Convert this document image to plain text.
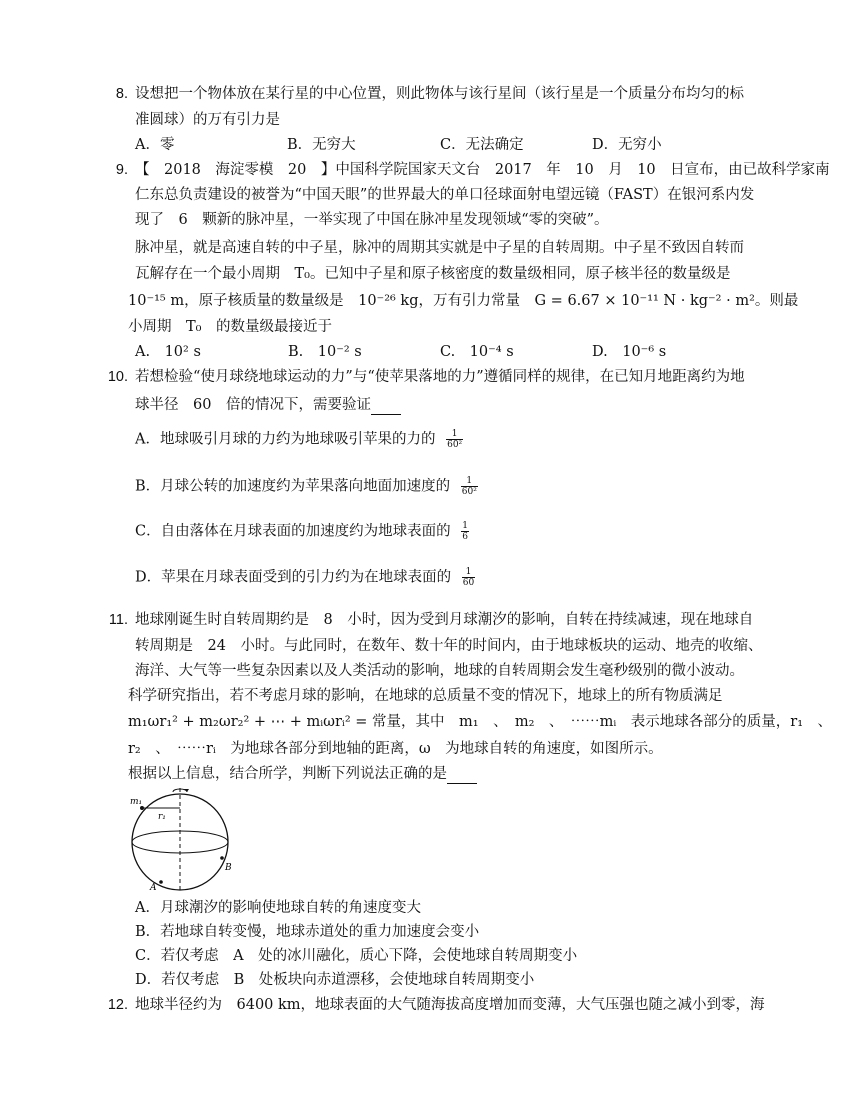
8. 设想把一个物体放在某行星的中心位置，则此物体与该行星间（该行星是一个质量分布均匀的标
准圆球）的万有引力是
A．零	B．无穷大	C．无法确定	D．无穷小
9. 【　2018　海淀零模　20　】中国科学院国家天文台　2017　年　10　月　10　日宣布，由已故科学家南
仁东总负责建设的被誉为“中国天眼”的世界最大的单口径球面射电望远镜（FAST）在银河系内发
现了　6　颗新的脉冲星，一举实现了中国在脉冲星发现领域“零的突破”。
脉冲星，就是高速自转的中子星，脉冲的周期其实就是中子星的自转周期。中子星不致因自转而
瓦解存在一个最小周期　T₀。已知中子星和原子核密度的数量级相同，原子核半径的数量级是
10⁻¹⁵ m，原子核质量的数量级是　10⁻²⁶ kg，万有引力常量　G = 6.67 × 10⁻¹¹ N · kg⁻² · m²。则最
小周期　T₀　的数量级最接近于
A.　10² s	B.　10⁻² s	C.　10⁻⁴ s	D.　10⁻⁶ s
10. 若想检验“使月球绕地球运动的力”与“使苹果落地的力”遵循同样的规律，在已知月地距离约为地
球半径　60　倍的情况下，需要验证
A．地球吸引月球的力约为地球吸引苹果的力的 $\frac{1}{\text{60²}}$
B．月球公转的加速度约为苹果落向地面加速度的 $\frac{1}{\text{60²}}$
C．自由落体在月球表面的加速度约为地球表面的 $\frac{1}{6}$
D．苹果在月球表面受到的引力约为在地球表面的 $\frac{1}{60}$
11. 地球刚诞生时自转周期约是　8　小时，因为受到月球潮汐的影响，自转在持续减速，现在地球自
转周期是　24　小时。与此同时，在数年、数十年的时间内，由于地球板块的运动、地壳的收缩、
海洋、大气等一些复杂因素以及人类活动的影响，地球的自转周期会发生毫秒级别的微小波动。
科学研究指出，若不考虑月球的影响，在地球的总质量不变的情况下，地球上的所有物质满足
m₁ωr₁² + m₂ωr₂² + ⋯ + mᵢωrᵢ² = 常量，其中　m₁　、　m₂　、　⋯⋯mᵢ　表示地球各部分的质量，r₁　、
r₂　、　⋯⋯rᵢ　为地球各部分到地轴的距离，ω　为地球自转的角速度，如图所示。
根据以上信息，结合所学，判断下列说法正确的是
m₁
r₁
A
B
A．月球潮汐的影响使地球自转的角速度变大
B．若地球自转变慢，地球赤道处的重力加速度会变小
C．若仅考虑　A　处的冰川融化，质心下降，会使地球自转周期变小
D．若仅考虑　B　处板块向赤道漂移，会使地球自转周期变小
12. 地球半径约为　6400 km，地球表面的大气随海拔高度增加而变薄，大气压强也随之减小到零，海
